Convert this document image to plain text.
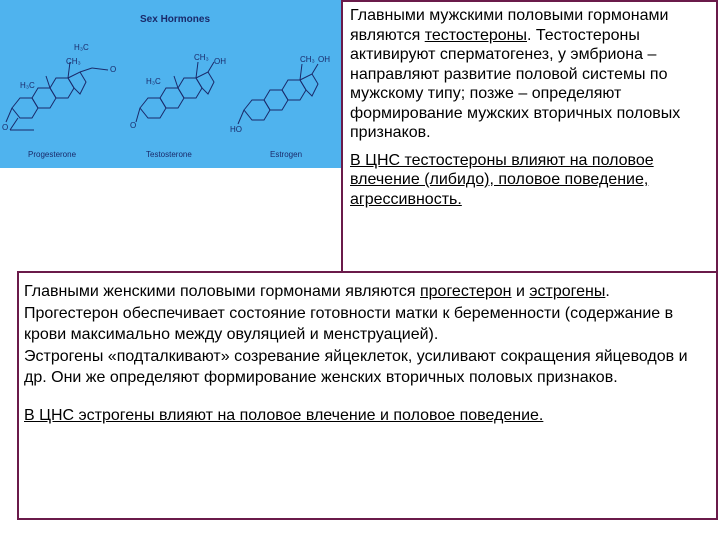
Sex Hormones
H₃C
CH₃
H₃C
O
O
CH₃ OH
H₃C
O
CH₃ OH
HO
Progesterone	Testosterone	Estrogen

Главными мужскими половыми гормонами являются тестостероны. Тестостероны активируют сперматогенез, у эмбриона – направляют развитие половой системы по мужскому типу; позже – определяют формирование мужских вторичных половых признаков.

В ЦНС тестостероны влияют на половое влечение (либидо), половое поведение, агрессивность.

Главными женскими половыми гормонами являются прогестерон и эстрогены.

Прогестерон обеспечивает состояние готовности матки к беременности (содержание в крови максимально между овуляцией и менструацией).

Эстрогены «подталкивают» созревание яйцеклеток, усиливают сокращения яйцеводов и др. Они же определяют формирование женских вторичных половых признаков.

В ЦНС эстрогены влияют на половое влечение и половое поведение.
